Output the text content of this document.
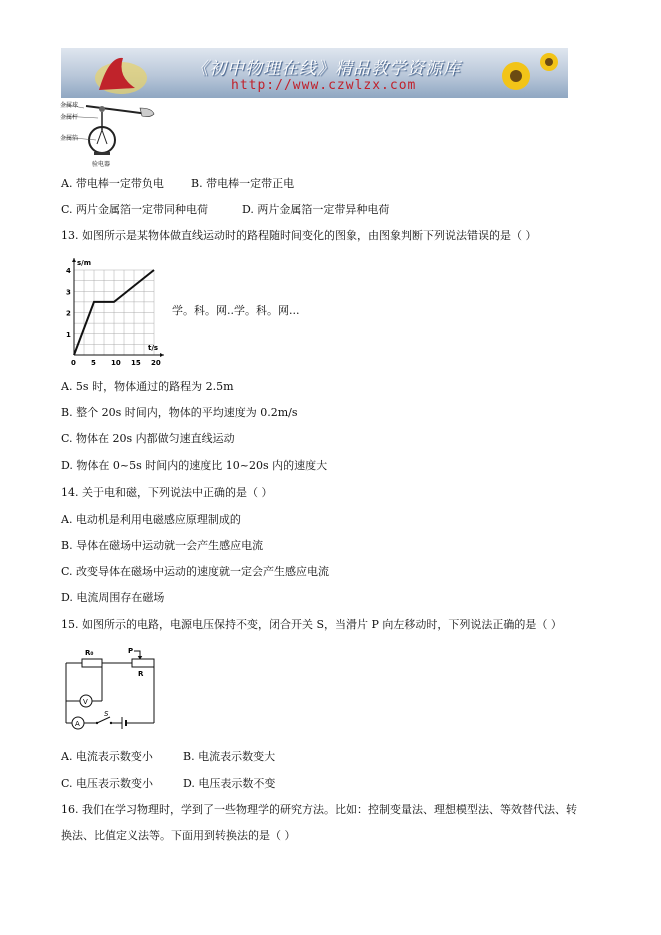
《初中物理在线》精品教学资源库
http://www.czwlzx.com
金属球
金属杆
金属箔
验电器
A. 带电棒一定带负电 B. 带电棒一定带正电
C. 两片金属箔一定带同种电荷	D. 两片金属箔一定带异种电荷
13. 如图所示是某物体做直线运动时的路程随时间变化的图象，由图象判断下列说法错误的是（ ）
0 5 10 15 20
1
2
3
4
t/s
s/m
学。科。网..学。科。网...
A. 5s 时，物体通过的路程为 2.5m
B. 整个 20s 时间内，物体的平均速度为 0.2m/s
C. 物体在 20s 内都做匀速直线运动
D. 物体在 0~5s 时间内的速度比 10~20s 内的速度大
14. 关于电和磁，下列说法中正确的是（ ）
A. 电动机是利用电磁感应原理制成的
B. 导体在磁场中运动就一会产生感应电流
C. 改变导体在磁场中运动的速度就一定会产生感应电流
D. 电流周围存在磁场
15. 如图所示的电路，电源电压保持不变，闭合开关 S，当滑片 P 向左移动时，下列说法正确的是（ ）
R₀	P
R
V
A
S
A. 电流表示数变小	B. 电流表示数变大
C. 电压表示数变小	D. 电压表示数不变
16. 我们在学习物理时，学到了一些物理学的研究方法。比如：控制变量法、理想模型法、等效替代法、转
换法、比值定义法等。下面用到转换法的是（ ）
